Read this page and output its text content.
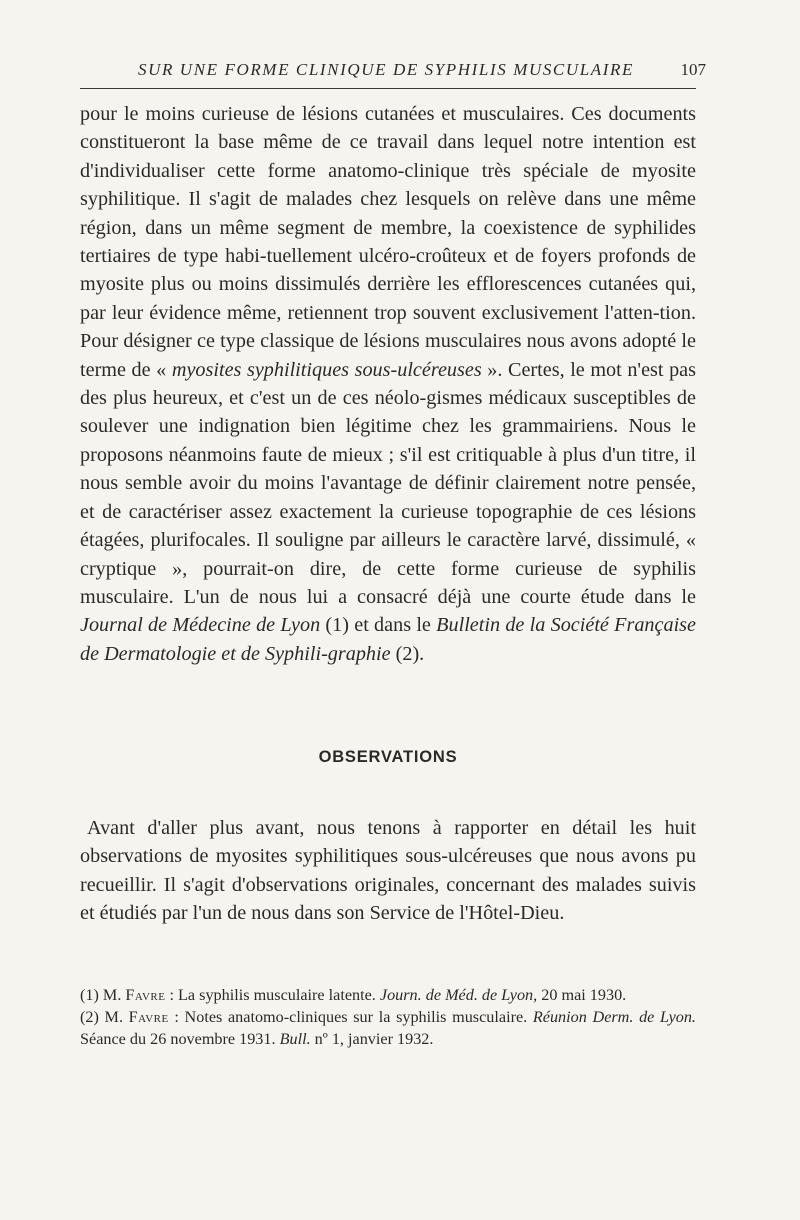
SUR UNE FORME CLINIQUE DE SYPHILIS MUSCULAIRE	107

pour le moins curieuse de lésions cutanées et musculaires. Ces documents constitueront la base même de ce travail dans lequel notre intention est d'individualiser cette forme anatomo-clinique très spéciale de myosite syphilitique. Il s'agit de malades chez lesquels on relève dans une même région, dans un même segment de membre, la coexistence de syphilides tertiaires de type habi-tuellement ulcéro-croûteux et de foyers profonds de myosite plus ou moins dissimulés derrière les efflorescences cutanées qui, par leur évidence même, retiennent trop souvent exclusivement l'atten-tion. Pour désigner ce type classique de lésions musculaires nous avons adopté le terme de « myosites syphilitiques sous-ulcéreuses ». Certes, le mot n'est pas des plus heureux, et c'est un de ces néolo-gismes médicaux susceptibles de soulever une indignation bien légitime chez les grammairiens. Nous le proposons néanmoins faute de mieux ; s'il est critiquable à plus d'un titre, il nous semble avoir du moins l'avantage de définir clairement notre pensée, et de caractériser assez exactement la curieuse topographie de ces lésions étagées, plurifocales. Il souligne par ailleurs le caractère larvé, dissimulé, « cryptique », pourrait-on dire, de cette forme curieuse de syphilis musculaire. L'un de nous lui a consacré déjà une courte étude dans le Journal de Médecine de Lyon (1) et dans le Bulletin de la Société Française de Dermatologie et de Syphili-graphie (2).

OBSERVATIONS

Avant d'aller plus avant, nous tenons à rapporter en détail les huit observations de myosites syphilitiques sous-ulcéreuses que nous avons pu recueillir. Il s'agit d'observations originales, concernant des malades suivis et étudiés par l'un de nous dans son Service de l'Hôtel-Dieu.

(1) M. Favre : La syphilis musculaire latente. Journ. de Méd. de Lyon, 20 mai 1930.

(2) M. Favre : Notes anatomo-cliniques sur la syphilis musculaire. Réunion Derm. de Lyon. Séance du 26 novembre 1931. Bull. nº 1, janvier 1932.
